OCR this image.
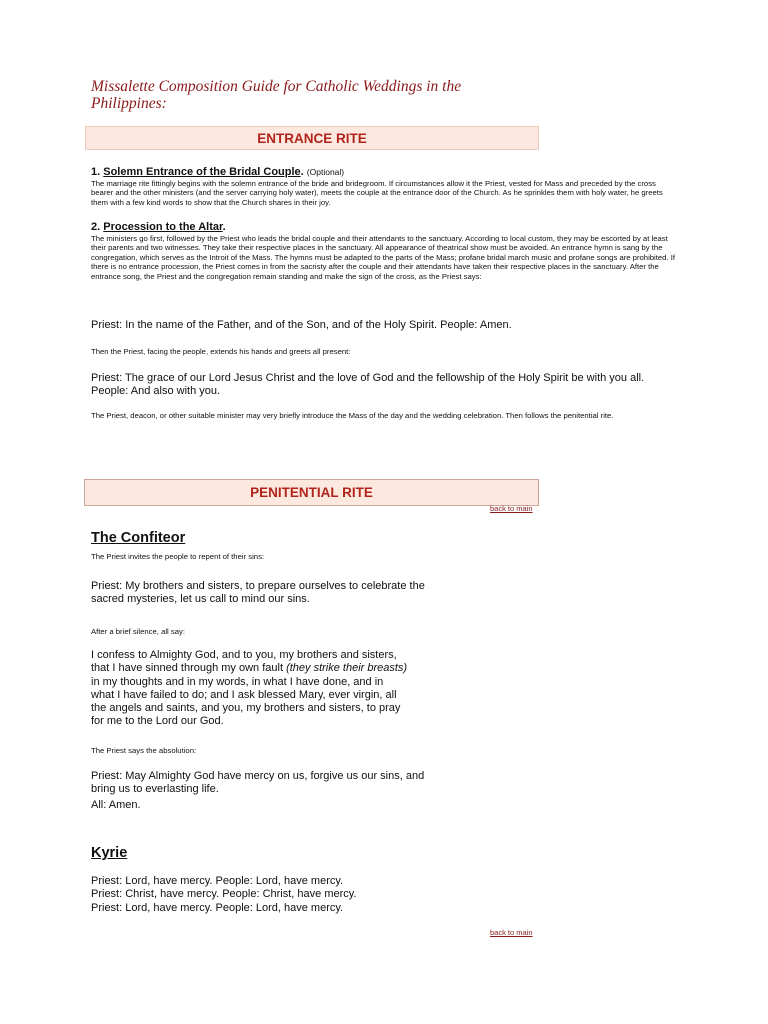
Missalette Composition Guide for Catholic Weddings in the Philippines:
ENTRANCE RITE

1. Solemn Entrance of the Bridal Couple. (Optional)

The marriage rite fittingly begins with the solemn entrance of the bride and bridegroom. If circumstances allow it the Priest, vested for Mass and preceded by the cross bearer and the other ministers (and the server carrying holy water), meets the couple at the entrance door of the Church. As he sprinkles them with holy water, he greets them with a few kind words to show that the Church shares in their joy.

2. Procession to the Altar.

The ministers go first, followed by the Priest who leads the bridal couple and their attendants to the sanctuary. According to local custom, they may be escorted by at least their parents and two witnesses. They take their respective places in the sanctuary. All appearance of theatrical show must be avoided. An entrance hymn is sang by the congregation, which serves as the Introit of the Mass. The hymns must be adapted to the parts of the Mass; profane bridal march music and profane songs are prohibited. If there is no entrance procession, the Priest comes in from the sacristy after the couple and their attendants have taken their respective places in the sanctuary. After the entrance song, the Priest and the congregation remain standing and make the sign of the cross, as the Priest says:

Priest: In the name of the Father, and of the Son, and of the Holy Spirit. People: Amen.

Then the Priest, facing the people, extends his hands and greets all present:

Priest: The grace of our Lord Jesus Christ and the love of God and the fellowship of the Holy Spirit be with you all. People: And also with you.

The Priest, deacon, or other suitable minister may very briefly introduce the Mass of the day and the wedding celebration. Then follows the penitential rite.

PENITENTIAL RITE
back to main

The Confiteor

The Priest invites the people to repent of their sins:

Priest: My brothers and sisters, to prepare ourselves to celebrate the

sacred mysteries, let us call to mind our sins.

After a brief silence, all say:

I confess to Almighty God, and to you, my brothers and sisters,

that I have sinned through my own fault (they strike their breasts)

in my thoughts and in my words, in what I have done, and in

what I have failed to do; and I ask blessed Mary, ever virgin, all

the angels and saints, and you, my brothers and sisters, to pray

for me to the Lord our God.

The Priest says the absolution:

Priest: May Almighty God have mercy on us, forgive us our sins, and

bring us to everlasting life.

All: Amen.

Kyrie

Priest: Lord, have mercy. People: Lord, have mercy.

Priest: Christ, have mercy. People: Christ, have mercy.

Priest: Lord, have mercy. People: Lord, have mercy.

back to main
